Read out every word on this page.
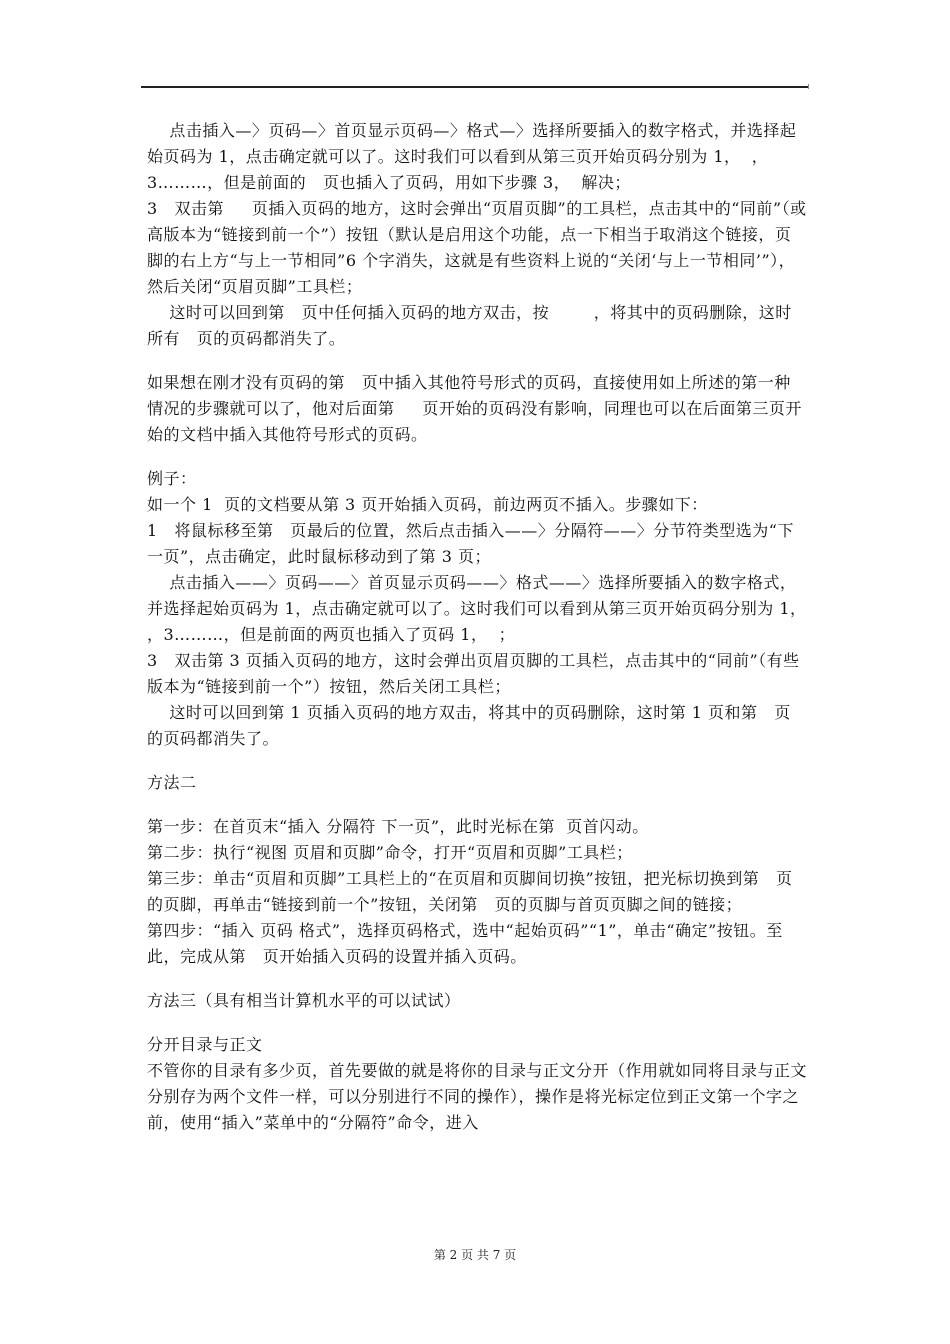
点击插入—〉页码—〉首页显示页码—〉格式—〉选择所要插入的数字格式，并选择起始页码为 1，点击确定就可以了。这时我们可以看到从第三页开始页码分别为 1，  ，3………，但是前面的   页也插入了页码，用如下步骤 3，  解决；

3   双击第     页插入页码的地方，这时会弹出“页眉页脚”的工具栏，点击其中的“同前”（或高版本为“链接到前一个”）按钮（默认是启用这个功能，点一下相当于取消这个链接，页脚的右上方“与上一节相同”6 个字消失，这就是有些资料上说的“关闭‘与上一节相同’”），然后关闭“页眉页脚”工具栏；

这时可以回到第   页中任何插入页码的地方双击，按        ，将其中的页码删除，这时所有   页的页码都消失了。

如果想在刚才没有页码的第   页中插入其他符号形式的页码，直接使用如上所述的第一种情况的步骤就可以了，他对后面第     页开始的页码没有影响，同理也可以在后面第三页开始的文档中插入其他符号形式的页码。

例子：

如一个 1  页的文档要从第 3 页开始插入页码，前边两页不插入。步骤如下：

1   将鼠标移至第   页最后的位置，然后点击插入——〉分隔符——〉分节符类型选为“下一页”，点击确定，此时鼠标移动到了第 3 页；

点击插入——〉页码——〉首页显示页码——〉格式——〉选择所要插入的数字格式，并选择起始页码为 1，点击确定就可以了。这时我们可以看到从第三页开始页码分别为 1，  ，3………，但是前面的两页也插入了页码 1，  ；

3   双击第 3 页插入页码的地方，这时会弹出页眉页脚的工具栏，点击其中的“同前”（有些版本为“链接到前一个”）按钮，然后关闭工具栏；

这时可以回到第 1 页插入页码的地方双击，将其中的页码删除，这时第 1 页和第   页的页码都消失了。

方法二

第一步：在首页末“插入 分隔符 下一页”，此时光标在第  页首闪动。

第二步：执行“视图 页眉和页脚”命令，打开“页眉和页脚”工具栏；

第三步：单击“页眉和页脚”工具栏上的“在页眉和页脚间切换”按钮，把光标切换到第   页的页脚，再单击“链接到前一个”按钮，关闭第   页的页脚与首页页脚之间的链接；

第四步：“插入 页码 格式”，选择页码格式，选中“起始页码”“1”，单击“确定”按钮。至此，完成从第   页开始插入页码的设置并插入页码。

方法三（具有相当计算机水平的可以试试）

分开目录与正文

不管你的目录有多少页，首先要做的就是将你的目录与正文分开（作用就如同将目录与正文分别存为两个文件一样，可以分别进行不同的操作），操作是将光标定位到正文第一个字之前，使用“插入”菜单中的“分隔符”命令，进入

第 2 页 共 7 页
